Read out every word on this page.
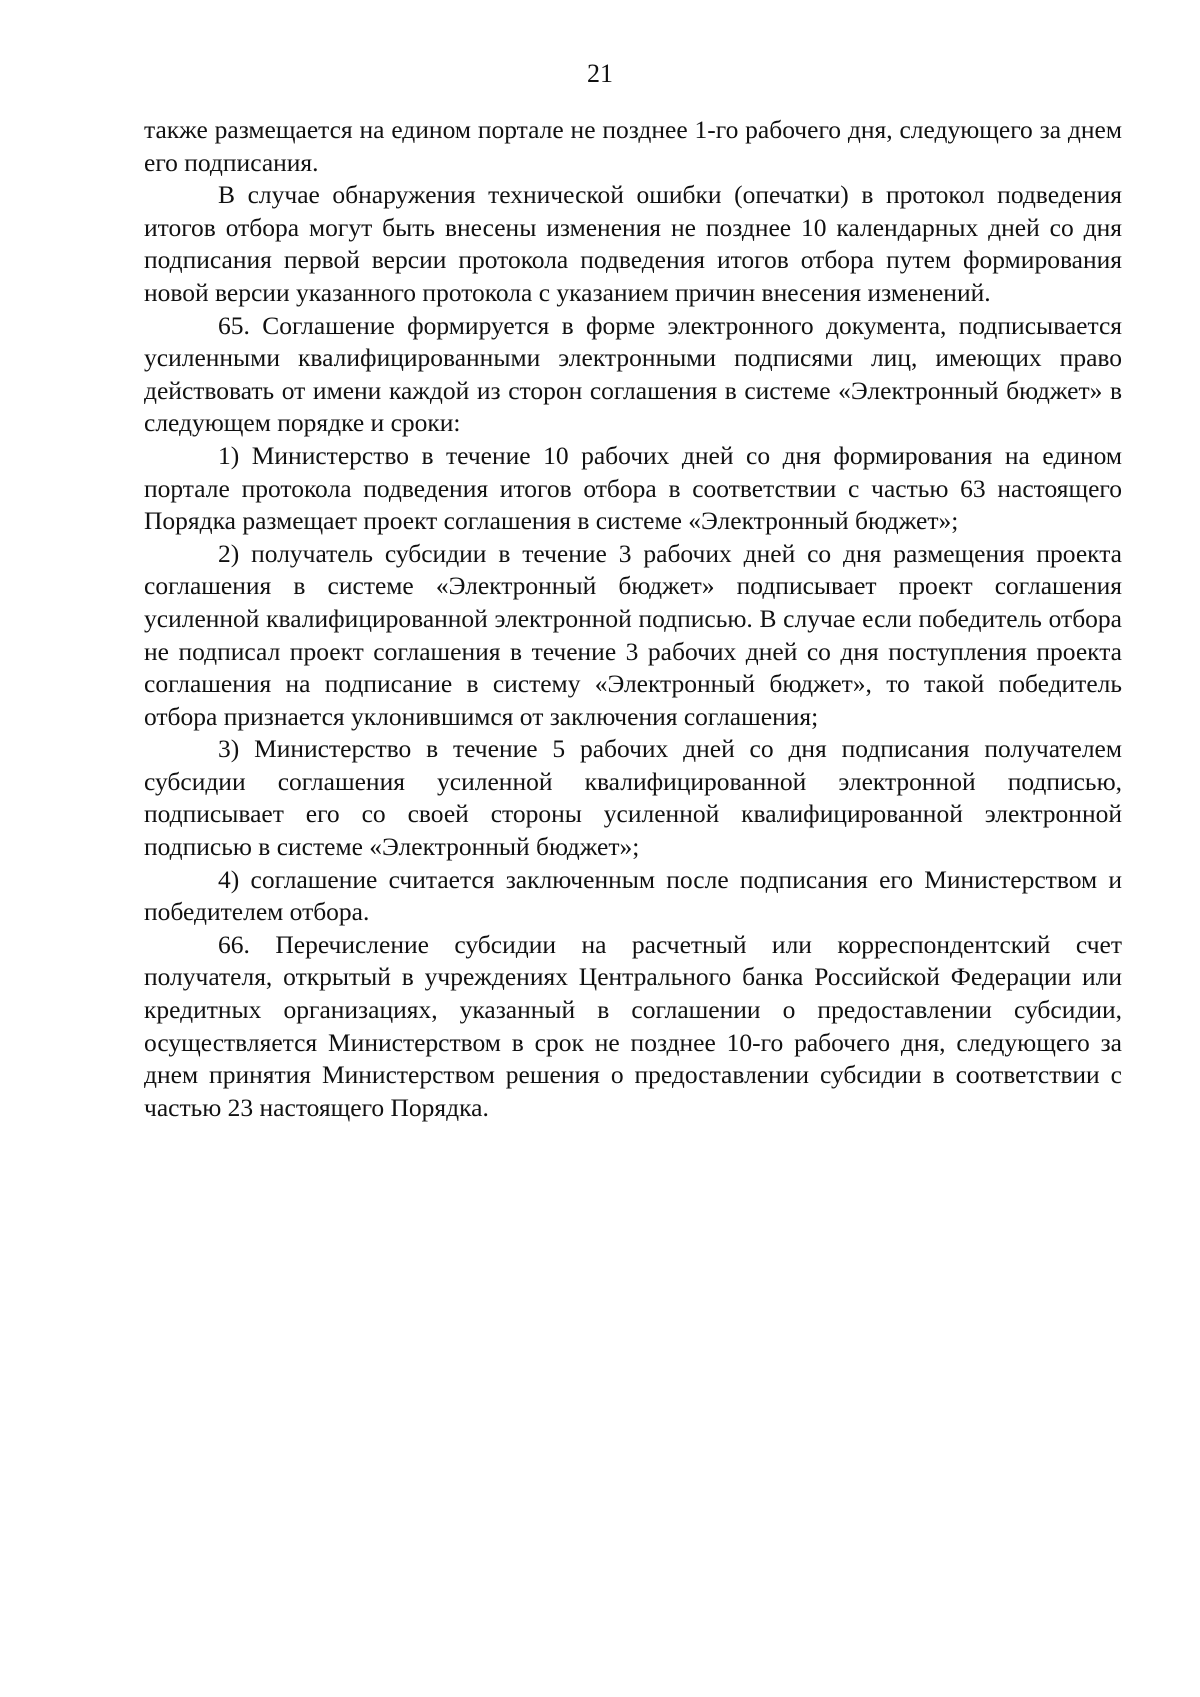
21

также размещается на едином портале не позднее 1-го рабочего дня, следующего за днем его подписания.

В случае обнаружения технической ошибки (опечатки) в протокол подведения итогов отбора могут быть внесены изменения не позднее 10 календарных дней со дня подписания первой версии протокола подведения итогов отбора путем формирования новой версии указанного протокола с указанием причин внесения изменений.

65. Соглашение формируется в форме электронного документа, подписывается усиленными квалифицированными электронными подписями лиц, имеющих право действовать от имени каждой из сторон соглашения в системе «Электронный бюджет» в следующем порядке и сроки:

1) Министерство в течение 10 рабочих дней со дня формирования на едином портале протокола подведения итогов отбора в соответствии с частью 63 настоящего Порядка размещает проект соглашения в системе «Электронный бюджет»;

2) получатель субсидии в течение 3 рабочих дней со дня размещения проекта соглашения в системе «Электронный бюджет» подписывает проект соглашения усиленной квалифицированной электронной подписью. В случае если победитель отбора не подписал проект соглашения в течение 3 рабочих дней со дня поступления проекта соглашения на подписание в систему «Электронный бюджет», то такой победитель отбора признается уклонившимся от заключения соглашения;

3) Министерство в течение 5 рабочих дней со дня подписания получателем субсидии соглашения усиленной квалифицированной электронной подписью, подписывает его со своей стороны усиленной квалифицированной электронной подписью в системе «Электронный бюджет»;

4) соглашение считается заключенным после подписания его Министерством и победителем отбора.

66. Перечисление субсидии на расчетный или корреспондентский счет получателя, открытый в учреждениях Центрального банка Российской Федерации или кредитных организациях, указанный в соглашении о предоставлении субсидии, осуществляется Министерством в срок не позднее 10-го рабочего дня, следующего за днем принятия Министерством решения о предоставлении субсидии в соответствии с частью 23 настоящего Порядка.
